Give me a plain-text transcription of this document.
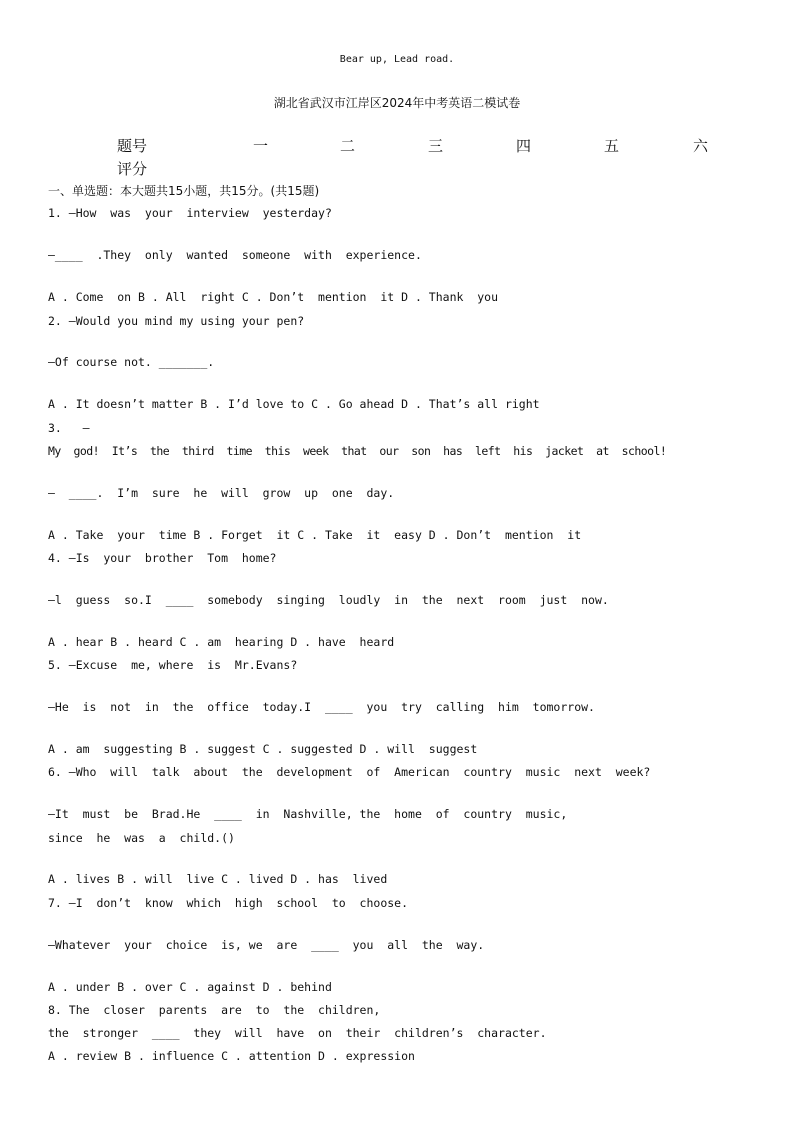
Bear up, Lead road.
湖北省武汉市江岸区2024年中考英语二模试卷
题号	一	二	三	四	五	六
评分
一、单选题：本大题共15小题，共15分。(共15题)
1. —How  was  your  interview  yesterday?
—____  .They  only  wanted  someone  with  experience.
A . Come  on B . All  right C . Don’t  mention  it D . Thank  you
2. —Would you mind my using your pen?
—Of course not. _______.
A . It doesn’t matter B . I’d love to C . Go ahead D . That’s all right
3.   —
My  god!  It’s  the  third  time  this  week  that  our  son  has  left  his  jacket  at  school!
—  ____.  I’m  sure  he  will  grow  up  one  day.
A . Take  your  time B . Forget  it C . Take  it  easy D . Don’t  mention  it
4. —Is  your  brother  Tom  home?
—l  guess  so.I  ____  somebody  singing  loudly  in  the  next  room  just  now.
A . hear B . heard C . am  hearing D . have  heard
5. —Excuse  me, where  is  Mr.Evans?
—He  is  not  in  the  office  today.I  ____  you  try  calling  him  tomorrow.
A . am  suggesting B . suggest C . suggested D . will  suggest
6. —Who  will  talk  about  the  development  of  American  country  music  next  week?
—It  must  be  Brad.He  ____  in  Nashville, the  home  of  country  music,
since  he  was  a  child.()
A . lives B . will  live C . lived D . has  lived
7. —I  don’t  know  which  high  school  to  choose.
—Whatever  your  choice  is, we  are  ____  you  all  the  way.
A . under B . over C . against D . behind
8. The  closer  parents  are  to  the  children,
the  stronger  ____  they  will  have  on  their  children’s  character.
A . review B . influence C . attention D . expression
